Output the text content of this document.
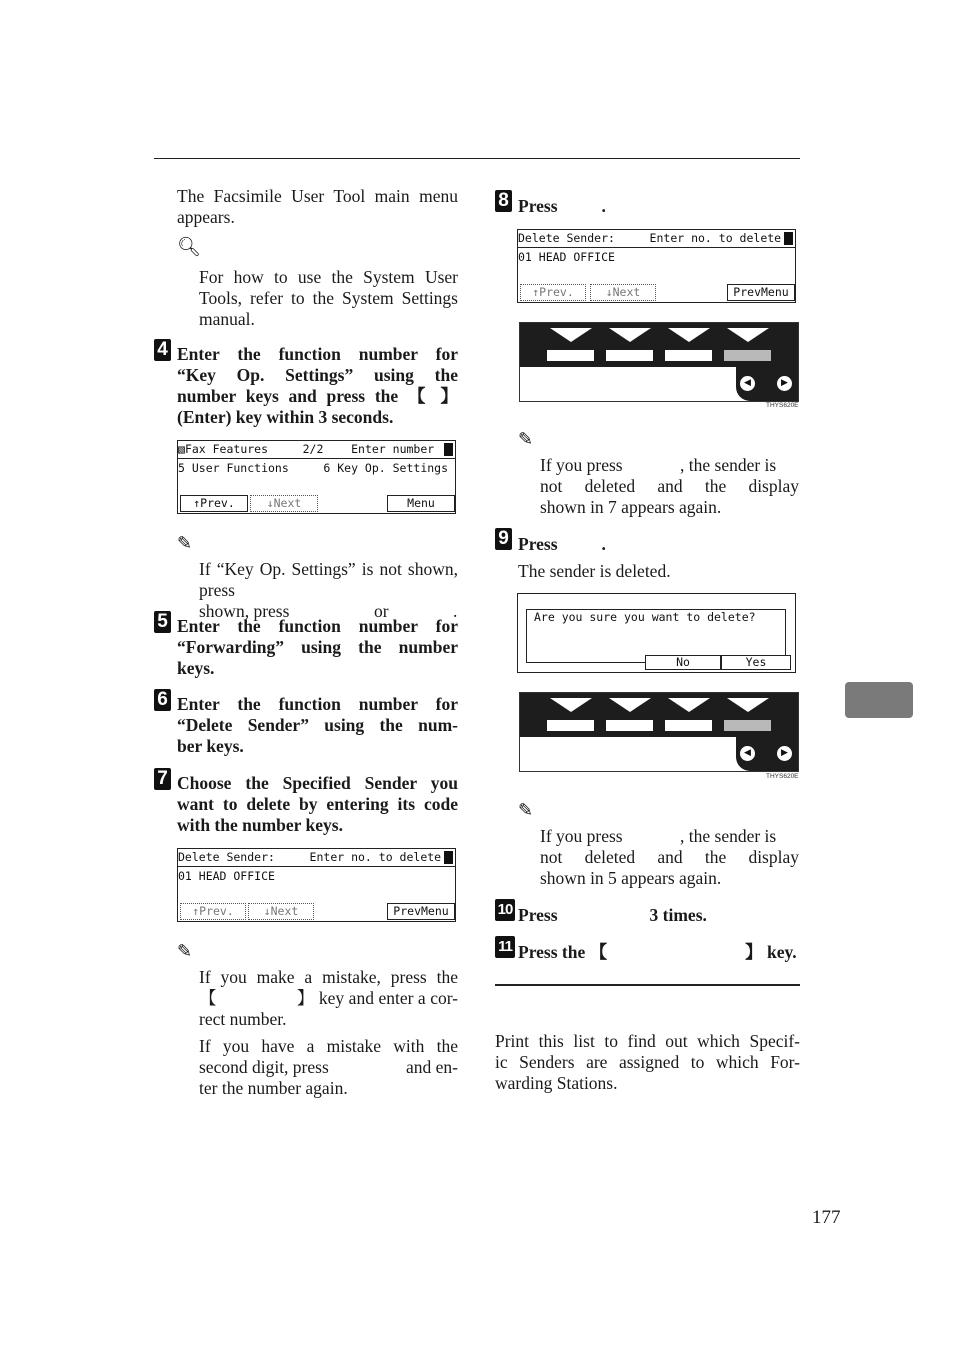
The Facsimile User Tool main menu appears.
🔍︎
For how to use the System User Tools, refer to the System Settings manual.
4 Enter the function number for
“Key Op. Settings” using the
number keys and press the 【 】
(Enter) key within 3 seconds.
▧Fax Features     2/2    Enter number
5 User Functions     6 Key Op. Settings
↑Prev.	↓Next	Menu
✎
If “Key Op. Settings” is not shown, press
shown, press	or	.
5 Enter the function number for
“Forwarding” using the number
keys.
6 Enter the function number for
“Delete Sender” using the num-
ber keys.
7 Choose the Specified Sender you
want to delete by entering its code
with the number keys.
Delete Sender:     Enter no. to delete
01 HEAD OFFICE
↑Prev.	↓Next	PrevMenu
✎
If you make a mistake, press the
【	】 key and enter a cor-
rect number.
If you have a mistake with the
second digit, press	and en-
ter the number again.
8 Press	.
Delete Sender:     Enter no. to delete
01 HEAD OFFICE
↑Prev.	↓Next	PrevMenu
◀	▶
THYS620E
✎
If you press	, the sender is
not deleted and the display
shown in 7 appears again.
9 Press	.
The sender is deleted.
Are you sure you want to delete?
No	Yes
◀	▶
THYS620E
✎
If you press	, the sender is
not deleted and the display
shown in 5 appears again.
10 Press	3 times.
11 Press the 【	】 key.
Print this list to find out which Specif-
ic Senders are assigned to which For-
warding Stations.
177
